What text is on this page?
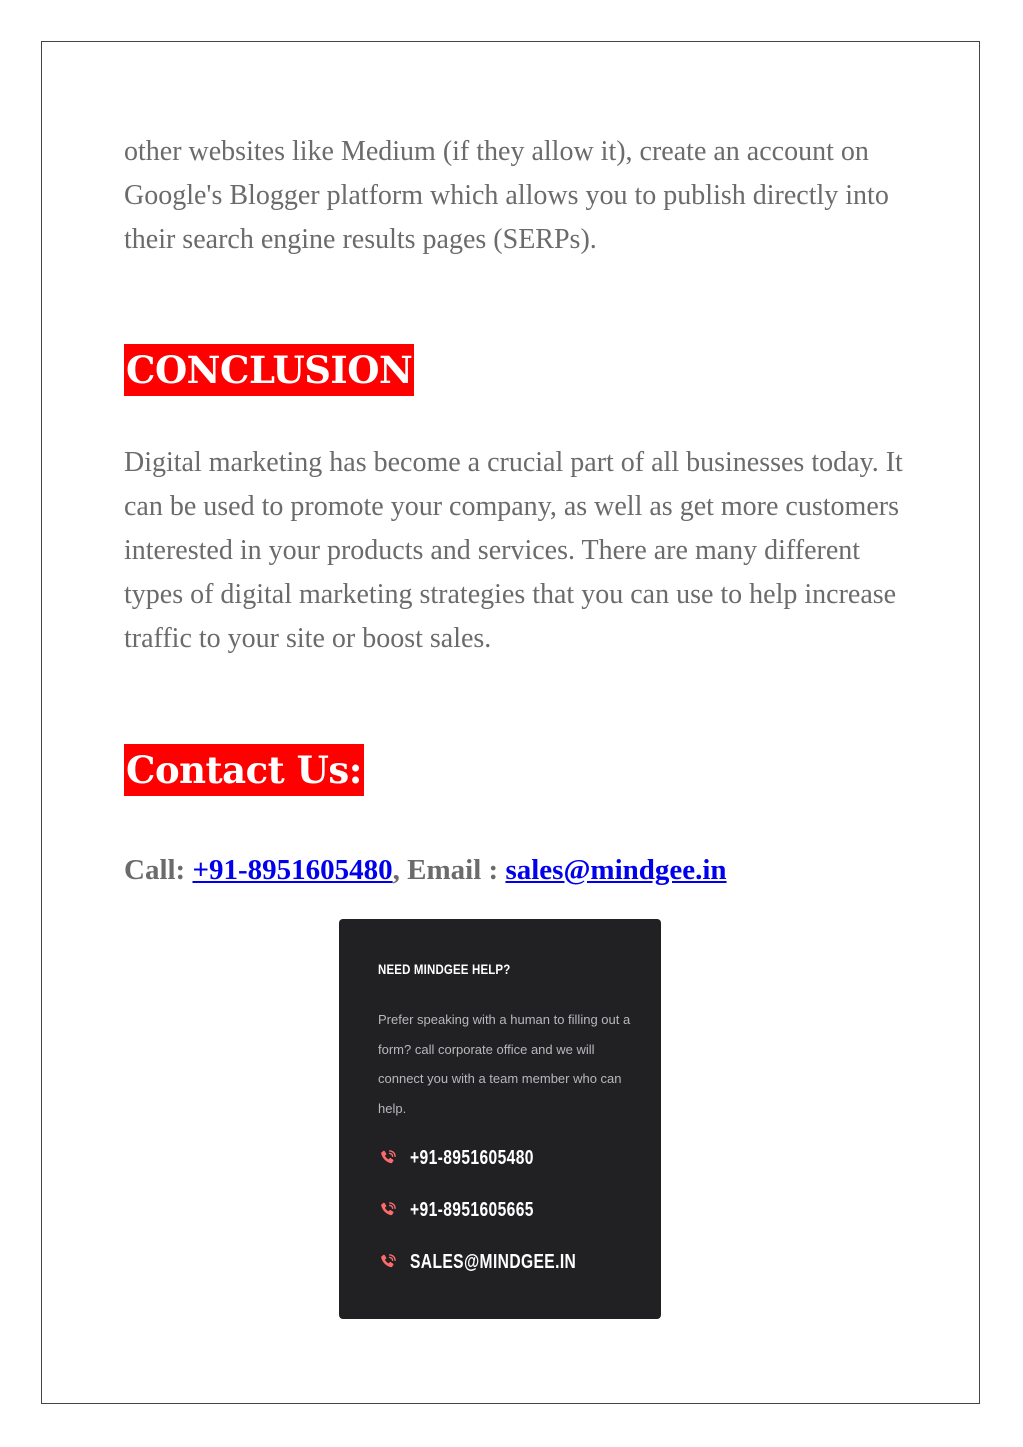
other websites like Medium (if they allow it), create an account on Google's Blogger platform which allows you to publish directly into their search engine results pages (SERPs).

CONCLUSION

Digital marketing has become a crucial part of all businesses today. It can be used to promote your company, as well as get more customers interested in your products and services. There are many different types of digital marketing strategies that you can use to help increase traffic to your site or boost sales.

Contact Us:
Call: +91-8951605480, Email : sales@mindgee.in
NEED MINDGEE HELP?
Prefer speaking with a human to filling out a form? call corporate office and we will connect you with a team member who can help.
+91-8951605480
+91-8951605665
SALES@MINDGEE.IN
